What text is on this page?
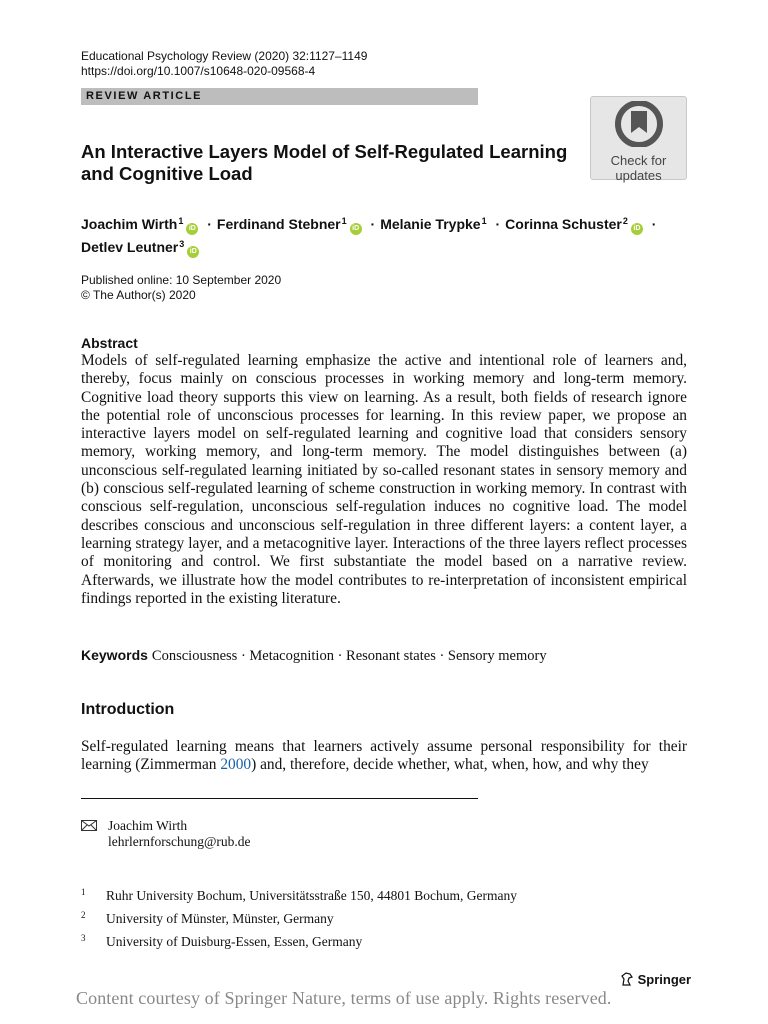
Educational Psychology Review (2020) 32:1127–1149
https://doi.org/10.1007/s10648-020-09568-4
REVIEW ARTICLE
An Interactive Layers Model of Self-Regulated Learning
and Cognitive Load
Check for
updates
Joachim Wirth$^1$iD · Ferdinand Stebner$^1$iD · Melanie Trypke$^1$ · Corinna Schuster$^2$iD ·
Detlev Leutner$^3$iD
Published online: 10 September 2020
© The Author(s) 2020
Abstract
Models of self-regulated learning emphasize the active and intentional role of learners and, thereby, focus mainly on conscious processes in working memory and long-term memory. Cognitive load theory supports this view on learning. As a result, both fields of research ignore the potential role of unconscious processes for learning. In this review paper, we propose an interactive layers model on self-regulated learning and cognitive load that considers sensory memory, working memory, and long-term memory. The model distinguishes between (a) unconscious self-regulated learning initiated by so-called resonant states in sensory memory and (b) conscious self-regulated learning of scheme construction in working memory. In contrast with conscious self-regulation, unconscious self-regulation induces no cognitive load. The model describes conscious and unconscious self-regulation in three different layers: a content layer, a learning strategy layer, and a metacognitive layer. Interactions of the three layers reflect processes of monitoring and control. We first substantiate the model based on a narrative review. Afterwards, we illustrate how the model contributes to re-interpretation of inconsistent empirical findings reported in the existing literature.
Keywords Consciousness · Metacognition · Resonant states · Sensory memory
Introduction
Self-regulated learning means that learners actively assume personal responsibility for their learning (Zimmerman 2000) and, therefore, decide whether, what, when, how, and why they
Joachim Wirth
lehrlernforschung@rub.de
1 Ruhr University Bochum, Universitätsstraße 150, 44801 Bochum, Germany
2 University of Münster, Münster, Germany
3 University of Duisburg-Essen, Essen, Germany
Springer
Content courtesy of Springer Nature, terms of use apply. Rights reserved.
